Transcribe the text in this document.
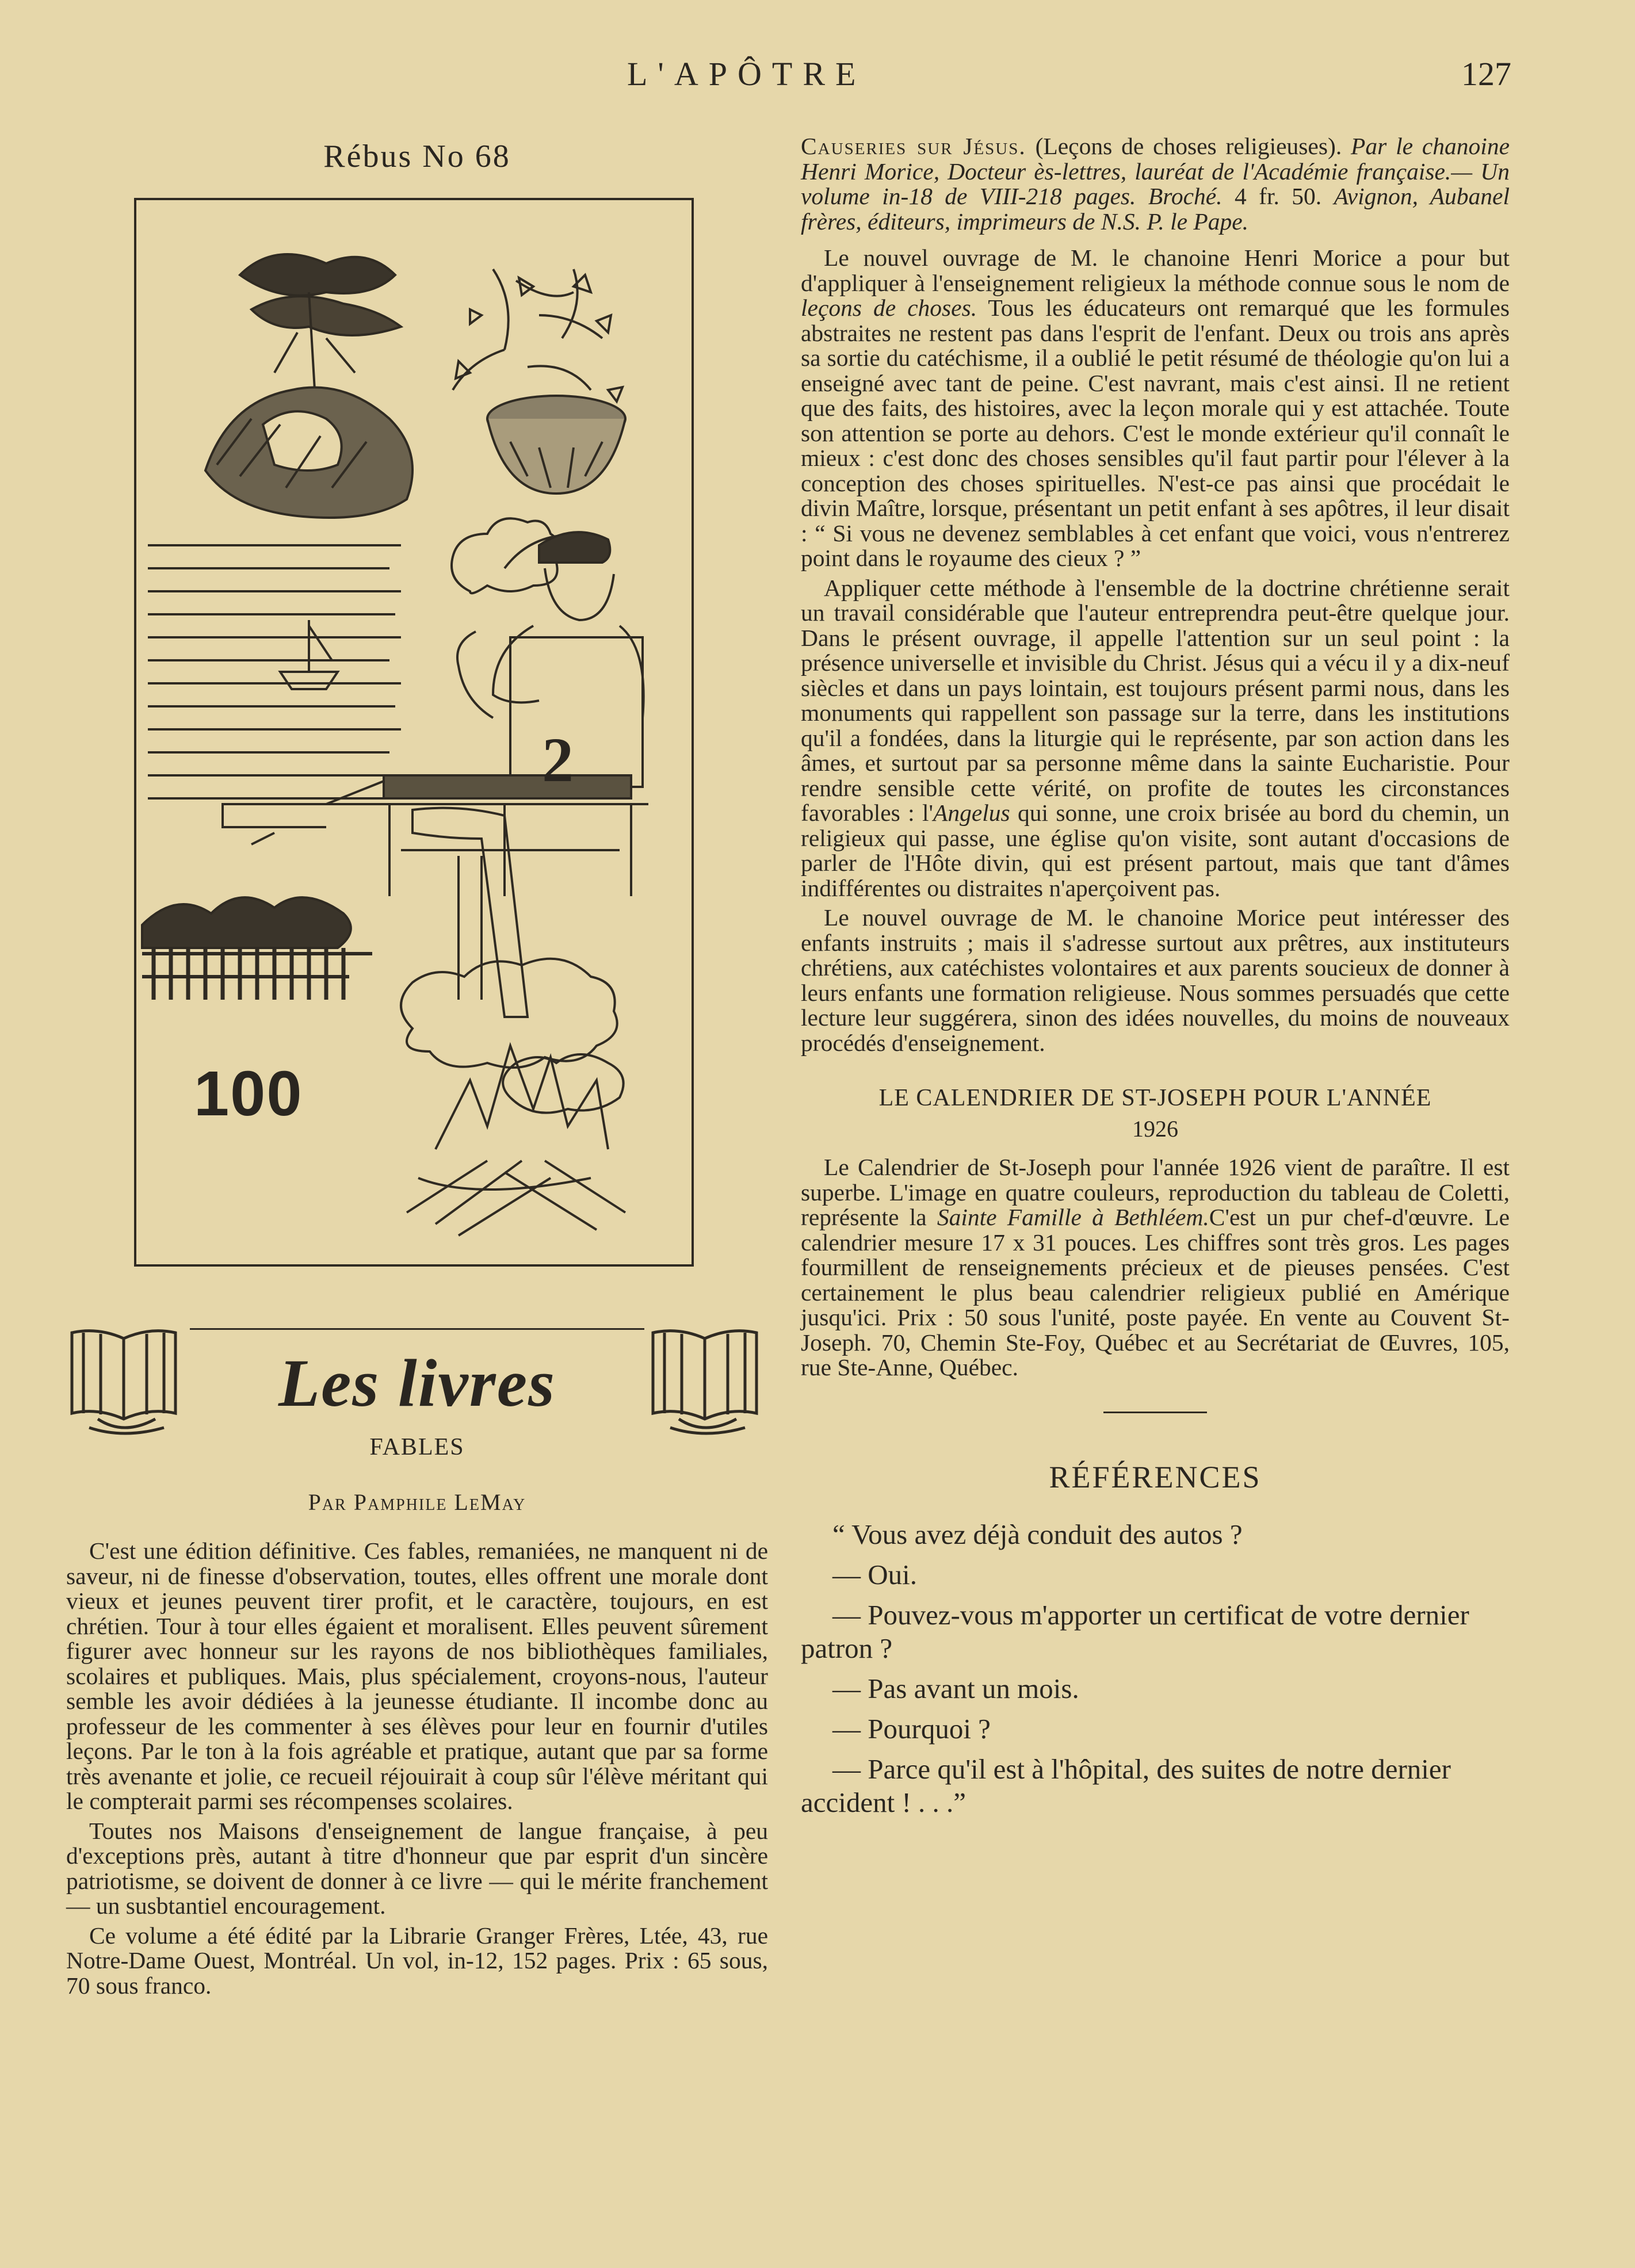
L'APÔTRE	127
Rébus No 68
2
100
Les livres
FABLES
Par Pamphile LeMay

C'est une édition définitive. Ces fables, remaniées, ne manquent ni de saveur, ni de finesse d'observation, toutes, elles offrent une morale dont vieux et jeunes peuvent tirer profit, et le caractère, toujours, en est chrétien. Tour à tour elles égaient et moralisent. Elles peuvent sûrement figurer avec honneur sur les rayons de nos bibliothèques familiales, scolaires et publiques. Mais, plus spécialement, croyons-nous, l'auteur semble les avoir dédiées à la jeunesse étudiante. Il incombe donc au professeur de les commenter à ses élèves pour leur en fournir d'utiles leçons. Par le ton à la fois agréable et pratique, autant que par sa forme très avenante et jolie, ce recueil réjouirait à coup sûr l'élève méritant qui le compterait parmi ses récompenses scolaires.

Toutes nos Maisons d'enseignement de langue française, à peu d'exceptions près, autant à titre d'honneur que par esprit d'un sincère patriotisme, se doivent de donner à ce livre — qui le mérite franchement — un susbtantiel encouragement.

Ce volume a été édité par la Librarie Granger Frères, Ltée, 43, rue Notre-Dame Ouest, Montréal. Un vol, in-12, 152 pages. Prix : 65 sous, 70 sous franco.

Causeries sur Jésus. (Leçons de choses religieuses). Par le chanoine Henri Morice, Docteur ès-lettres, lauréat de l'Académie française.— Un volume in-18 de VIII-218 pages. Broché. 4 fr. 50. Avignon, Aubanel frères, éditeurs, imprimeurs de N.S. P. le Pape.

Le nouvel ouvrage de M. le chanoine Henri Morice a pour but d'appliquer à l'enseignement religieux la méthode connue sous le nom de leçons de choses. Tous les éducateurs ont remarqué que les formules abstraites ne restent pas dans l'esprit de l'enfant. Deux ou trois ans après sa sortie du catéchisme, il a oublié le petit résumé de théologie qu'on lui a enseigné avec tant de peine. C'est navrant, mais c'est ainsi. Il ne retient que des faits, des histoires, avec la leçon morale qui y est attachée. Toute son attention se porte au dehors. C'est le monde extérieur qu'il connaît le mieux : c'est donc des choses sensibles qu'il faut partir pour l'élever à la conception des choses spirituelles. N'est-ce pas ainsi que procédait le divin Maître, lorsque, présentant un petit enfant à ses apôtres, il leur disait : “ Si vous ne devenez semblables à cet enfant que voici, vous n'entrerez point dans le royaume des cieux ? ”

Appliquer cette méthode à l'ensemble de la doctrine chrétienne serait un travail considérable que l'auteur entreprendra peut-être quelque jour. Dans le présent ouvrage, il appelle l'attention sur un seul point : la présence universelle et invisible du Christ. Jésus qui a vécu il y a dix-neuf siècles et dans un pays lointain, est toujours présent parmi nous, dans les monuments qui rappellent son passage sur la terre, dans les institutions qu'il a fondées, dans la liturgie qui le représente, par son action dans les âmes, et surtout par sa personne même dans la sainte Eucharistie. Pour rendre sensible cette vérité, on profite de toutes les circonstances favorables : l'Angelus qui sonne, une croix brisée au bord du chemin, un religieux qui passe, une église qu'on visite, sont autant d'occasions de parler de l'Hôte divin, qui est présent partout, mais que tant d'âmes indifférentes ou distraites n'aperçoivent pas.

Le nouvel ouvrage de M. le chanoine Morice peut intéresser des enfants instruits ; mais il s'adresse surtout aux prêtres, aux instituteurs chrétiens, aux catéchistes volontaires et aux parents soucieux de donner à leurs enfants une formation religieuse. Nous sommes persuadés que cette lecture leur suggérera, sinon des idées nouvelles, du moins de nouveaux procédés d'enseignement.

LE CALENDRIER DE ST-JOSEPH POUR L'ANNÉE
1926

Le Calendrier de St-Joseph pour l'année 1926 vient de paraître. Il est superbe. L'image en quatre couleurs, reproduction du tableau de Coletti, représente la Sainte Famille à Bethléem.C'est un pur chef-d'œuvre. Le calendrier mesure 17 x 31 pouces. Les chiffres sont très gros. Les pages fourmillent de renseignements précieux et de pieuses pensées. C'est certainement le plus beau calendrier religieux publié en Amérique jusqu'ici. Prix : 50 sous l'unité, poste payée. En vente au Couvent St-Joseph. 70, Chemin Ste-Foy, Québec et au Secrétariat de Œuvres, 105, rue Ste-Anne, Québec.

RÉFÉRENCES

“ Vous avez déjà conduit des autos ?

— Oui.

— Pouvez-vous m'apporter un certificat de votre dernier patron ?

— Pas avant un mois.

— Pourquoi ?

— Parce qu'il est à l'hôpital, des suites de notre dernier accident ! . . .”
